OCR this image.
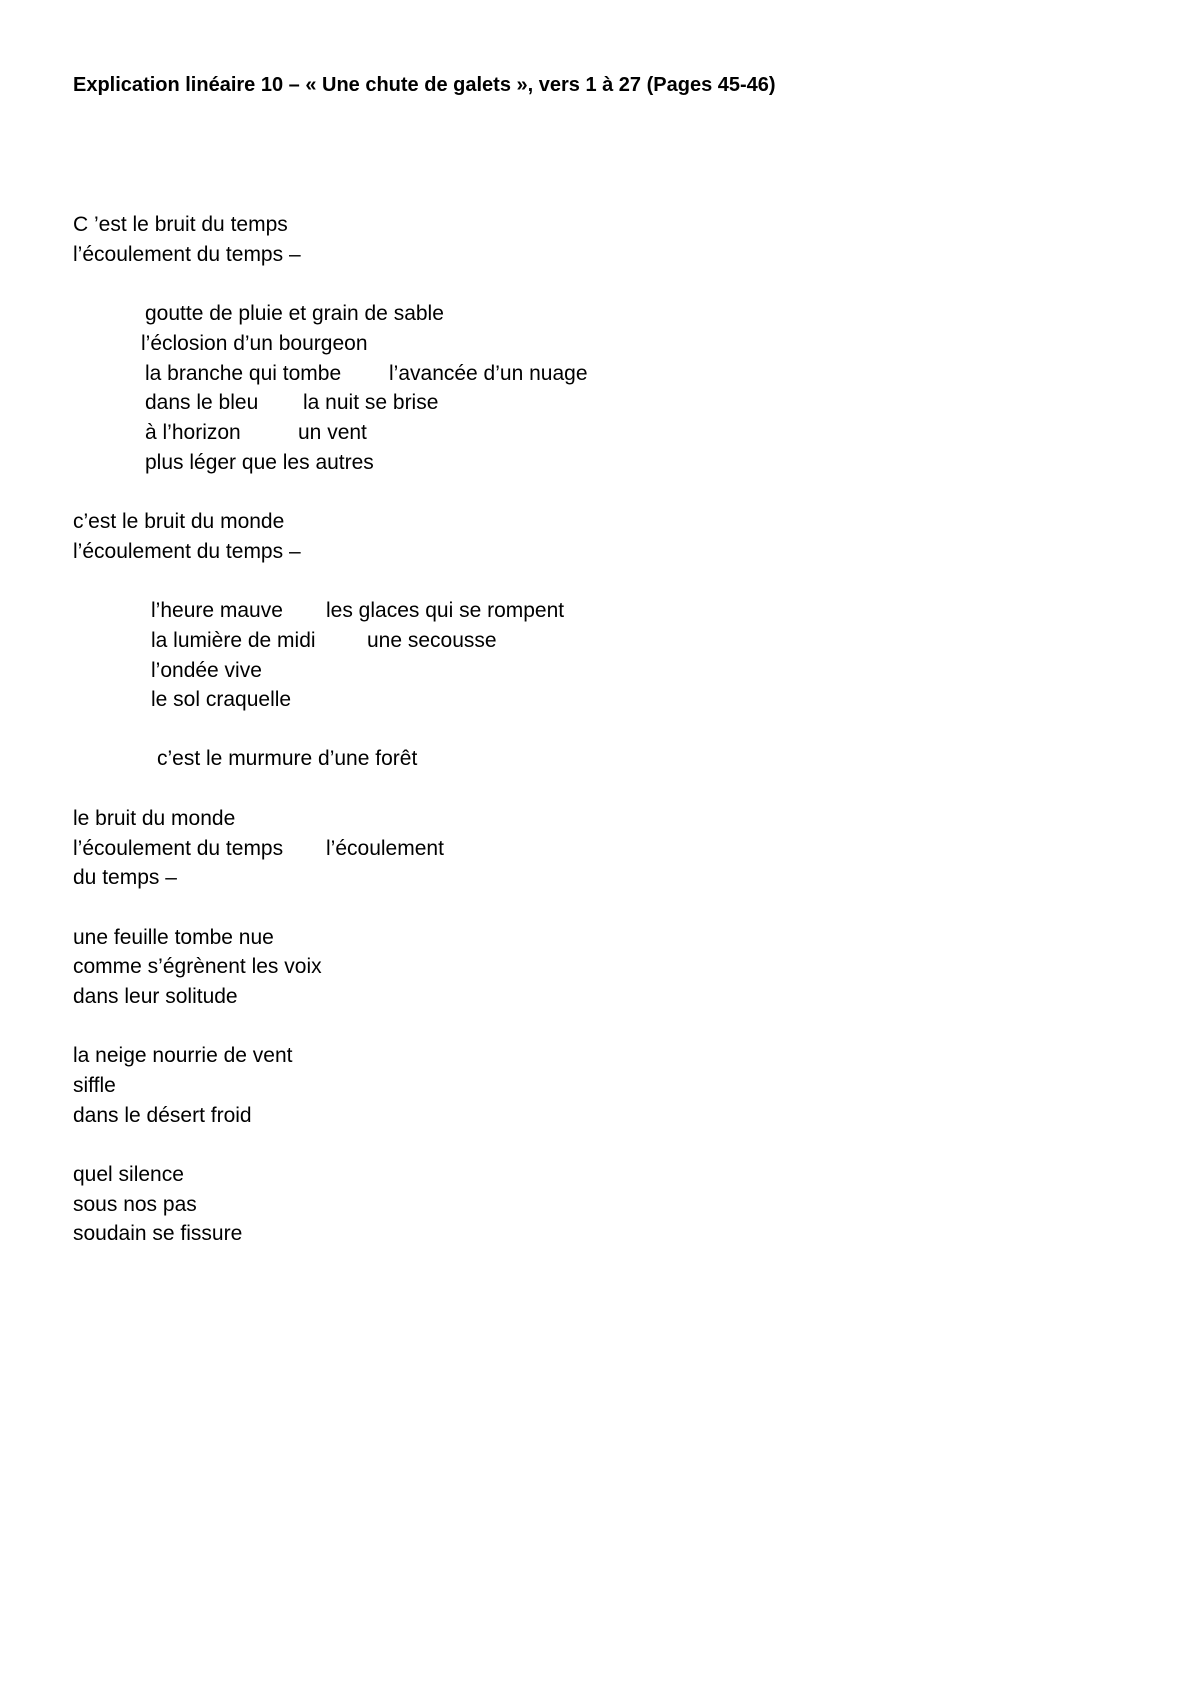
Explication linéaire 10 – « Une chute de galets », vers 1 à 27 (Pages 45-46)
C ’est le bruit du temps
l’écoulement du temps –
goutte de pluie et grain de sable
l’éclosion d’un bourgeon
la branche qui tombe l’avancée d’un nuage
dans le bleu la nuit se brise
à l’horizon	un vent
plus léger que les autres
c’est le bruit du monde
l’écoulement du temps –
l’heure mauve les glaces qui se rompent
la lumière de midi une secousse
l’ondée vive
le sol craquelle
c’est le murmure d’une forêt
le bruit du monde
l’écoulement du temps l’écoulement
du temps –
une feuille tombe nue
comme s’égrènent les voix
dans leur solitude
la neige nourrie de vent
siffle
dans le désert froid
quel silence
sous nos pas
soudain se fissure
